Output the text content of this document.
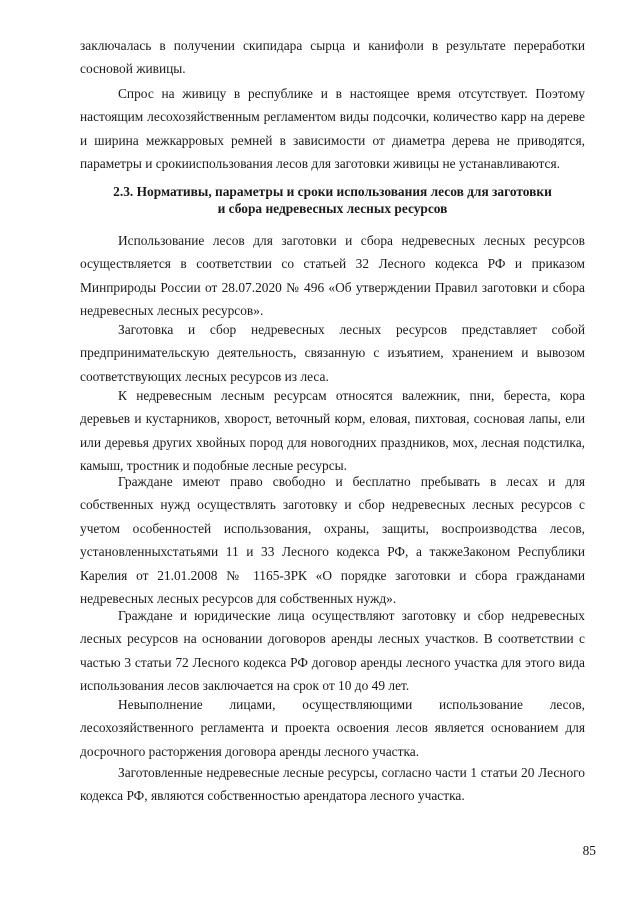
заключалась в получении скипидара сырца и канифоли в результате переработки сосновой живицы.

Спрос на живицу в республике и в настоящее время отсутствует. Поэтому настоящим лесохозяйственным регламентом виды подсочки, количество карр на дереве и ширина межкарровых ремней в зависимости от диаметра дерева не приводятся, параметры и срокииспользования лесов для заготовки живицы не устанавливаются.

2.3. Нормативы, параметры и сроки использования лесов для заготовки
и сбора недревесных лесных ресурсов

Использование лесов для заготовки и сбора недревесных лесных ресурсов осуществляется в соответствии со статьей 32 Лесного кодекса РФ и приказом Минприроды России от 28.07.2020 № 496 «Об утверждении Правил заготовки и сбора недревесных лесных ресурсов».

Заготовка и сбор недревесных лесных ресурсов представляет собой предпринимательскую деятельность, связанную с изъятием, хранением и вывозом соответствующих лесных ресурсов из леса.

К недревесным лесным ресурсам относятся валежник, пни, береста, кора деревьев и кустарников, хворост, веточный корм, еловая, пихтовая, сосновая лапы, ели или деревья других хвойных пород для новогодних праздников, мох, лесная подстилка, камыш, тростник и подобные лесные ресурсы.

Граждане имеют право свободно и бесплатно пребывать в лесах и для собственных нужд осуществлять заготовку и сбор недревесных лесных ресурсов с учетом особенностей использования, охраны, защиты, воспроизводства лесов, установленныхстатьями 11 и 33 Лесного кодекса РФ, а такжеЗаконом Республики Карелия от 21.01.2008 № 1165-ЗРК «О порядке заготовки и сбора гражданами недревесных лесных ресурсов для собственных нужд».

Граждане и юридические лица осуществляют заготовку и сбор недревесных лесных ресурсов на основании договоров аренды лесных участков. В соответствии с частью 3 статьи 72 Лесного кодекса РФ договор аренды лесного участка для этого вида использования лесов заключается на срок от 10 до 49 лет.

Невыполнение лицами, осуществляющими использование лесов, лесохозяйственного регламента и проекта освоения лесов является основанием для досрочного расторжения договора аренды лесного участка.

Заготовленные недревесные лесные ресурсы, согласно части 1 статьи 20 Лесного кодекса РФ, являются собственностью арендатора лесного участка.

85
